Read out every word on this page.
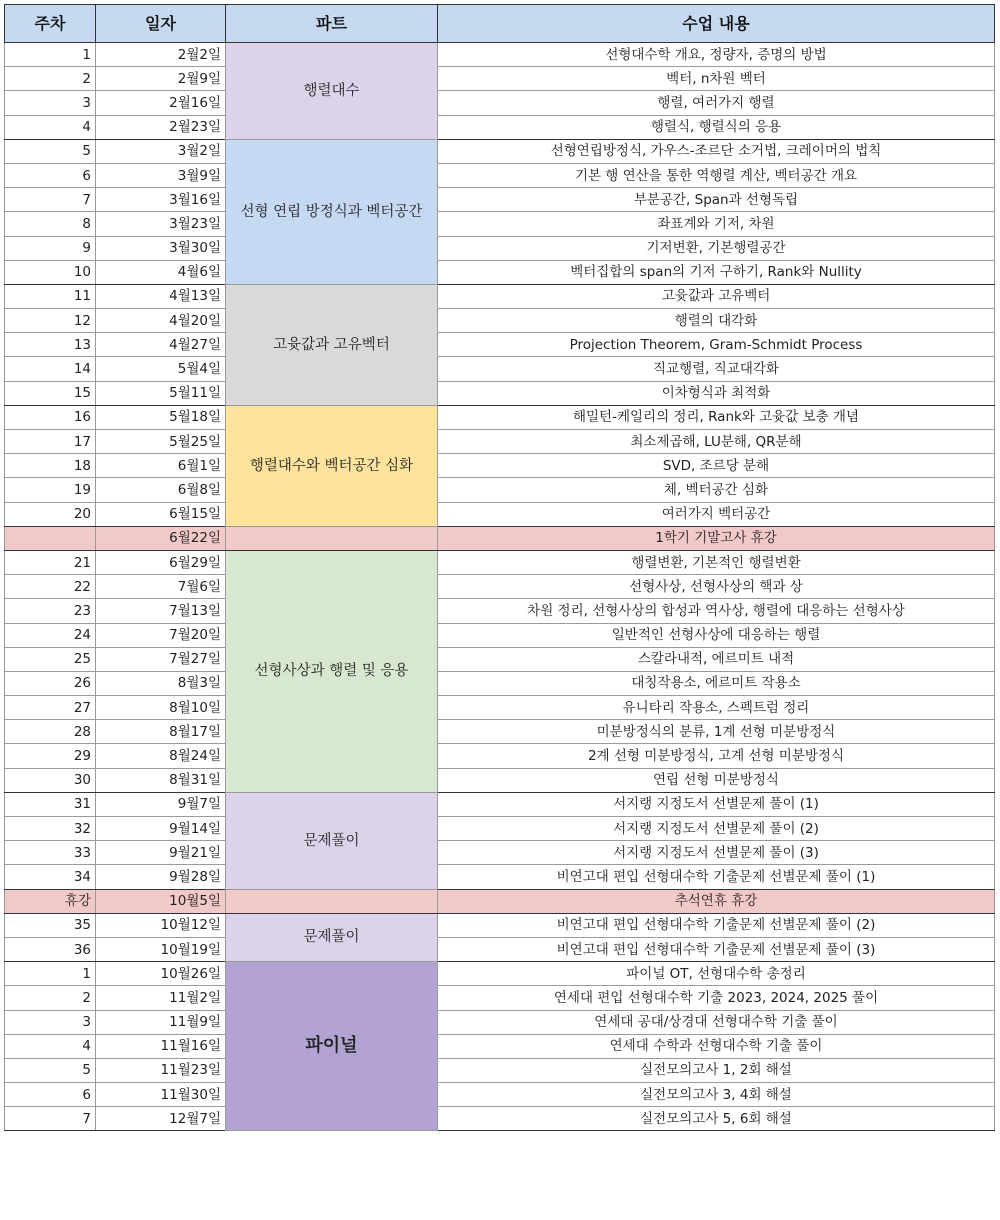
주차	일자	파트	수업 내용
1	2월2일	행렬대수	선형대수학 개요, 정량자, 증명의 방법
2	2월9일		벡터, n차원 벡터
3	2월16일		행렬, 여러가지 행렬
4	2월23일		행렬식, 행렬식의 응용
5	3월2일	선형 연립 방정식과 벡터공간	선형연립방정식, 가우스-조르단 소거법, 크레이머의 법칙
6	3월9일		기본 행 연산을 통한 역행렬 계산, 벡터공간 개요
7	3월16일		부분공간, Span과 선형독립
8	3월23일		좌표계와 기저, 차원
9	3월30일		기저변환, 기본행렬공간
10	4월6일		벡터집합의 span의 기저 구하기, Rank와 Nullity
11	4월13일	고윳값과 고유벡터	고윳값과 고유벡터
12	4월20일		행렬의 대각화
13	4월27일		Projection Theorem, Gram-Schmidt Process
14	5월4일		직교행렬, 직교대각화
15	5월11일		이차형식과 최적화
16	5월18일	행렬대수와 벡터공간 심화	해밀턴-케일리의 정리, Rank와 고윳값 보충 개념
17	5월25일		최소제곱해, LU분해, QR분해
18	6월1일		SVD, 조르당 분해
19	6월8일		체, 벡터공간 심화
20	6월15일		여러가지 벡터공간
	6월22일		1학기 기말고사 휴강
21	6월29일	선형사상과 행렬 및 응용	행렬변환, 기본적인 행렬변환
22	7월6일		선형사상, 선형사상의 핵과 상
23	7월13일		차원 정리, 선형사상의 합성과 역사상, 행렬에 대응하는 선형사상
24	7월20일		일반적인 선형사상에 대응하는 행렬
25	7월27일		스칼라내적, 에르미트 내적
26	8월3일		대칭작용소, 에르미트 작용소
27	8월10일		유니타리 작용소, 스펙트럼 정리
28	8월17일		미분방정식의 분류, 1계 선형 미분방정식
29	8월24일		2계 선형 미분방정식, 고계 선형 미분방정식
30	8월31일		연립 선형 미분방정식
31	9월7일	문제풀이	서지랭 지정도서 선별문제 풀이 (1)
32	9월14일		서지랭 지정도서 선별문제 풀이 (2)
33	9월21일		서지랭 지정도서 선별문제 풀이 (3)
34	9월28일		비연고대 편입 선형대수학 기출문제 선별문제 풀이 (1)
휴강	10월5일		추석연휴 휴강
35	10월12일	문제풀이	비연고대 편입 선형대수학 기출문제 선별문제 풀이 (2)
36	10월19일		비연고대 편입 선형대수학 기출문제 선별문제 풀이 (3)
1	10월26일	파이널	파이널 OT, 선형대수학 총정리
2	11월2일		연세대 편입 선형대수학 기출 2023, 2024, 2025 풀이
3	11월9일		연세대 공대/상경대 선형대수학 기출 풀이
4	11월16일		연세대 수학과 선형대수학 기출 풀이
5	11월23일		실전모의고사 1, 2회 해설
6	11월30일		실전모의고사 3, 4회 해설
7	12월7일		실전모의고사 5, 6회 해설
